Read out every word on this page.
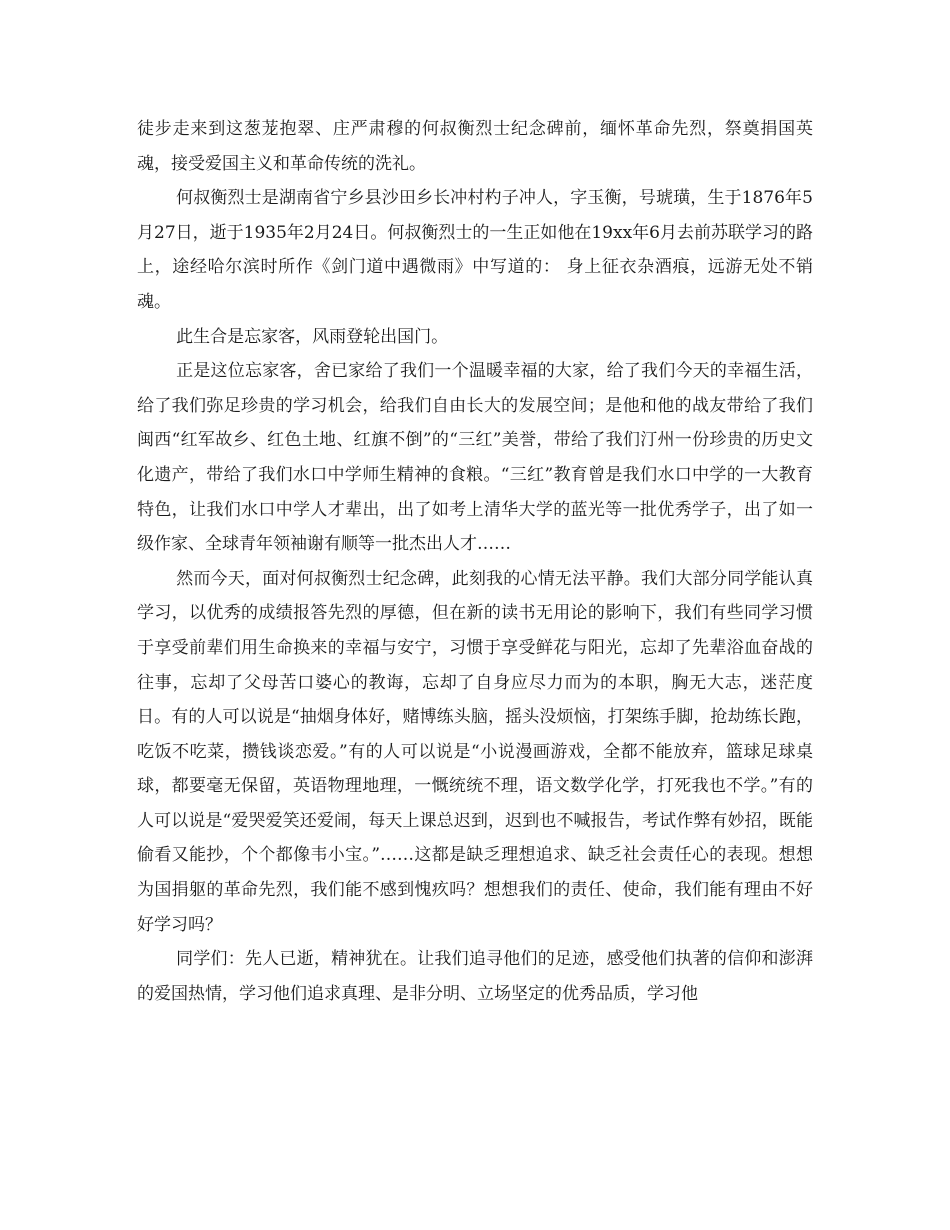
徒步走来到这葱茏抱翠、庄严肃穆的何叔衡烈士纪念碑前，缅怀革命先烈，祭奠捐国英魂，接受爱国主义和革命传统的洗礼。

何叔衡烈士是湖南省宁乡县沙田乡长冲村杓子冲人，字玉衡，号琥璜，生于1876年5月27日，逝于1935年2月24日。何叔衡烈士的一生正如他在19xx年6月去前苏联学习的路上，途经哈尔滨时所作《剑门道中遇微雨》中写道的： 身上征衣杂酒痕，远游无处不销魂。

此生合是忘家客，风雨登轮出国门。

正是这位忘家客，舍已家给了我们一个温暖幸福的大家，给了我们今天的幸福生活，给了我们弥足珍贵的学习机会，给我们自由长大的发展空间；是他和他的战友带给了我们闽西“红军故乡、红色土地、红旗不倒”的“三红”美誉，带给了我们汀州一份珍贵的历史文化遗产，带给了我们水口中学师生精神的食粮。“三红”教育曾是我们水口中学的一大教育特色，让我们水口中学人才辈出，出了如考上清华大学的蓝光等一批优秀学子，出了如一级作家、全球青年领袖谢有顺等一批杰出人才……

然而今天，面对何叔衡烈士纪念碑，此刻我的心情无法平静。我们大部分同学能认真学习，以优秀的成绩报答先烈的厚德，但在新的读书无用论的影响下，我们有些同学习惯于享受前辈们用生命换来的幸福与安宁，习惯于享受鲜花与阳光，忘却了先辈浴血奋战的往事，忘却了父母苦口婆心的教诲，忘却了自身应尽力而为的本职，胸无大志，迷茫度日。有的人可以说是“抽烟身体好，赌博练头脑，摇头没烦恼，打架练手脚，抢劫练长跑，吃饭不吃菜，攒钱谈恋爱。”有的人可以说是“小说漫画游戏，全都不能放弃，篮球足球桌球，都要毫无保留，英语物理地理，一慨统统不理，语文数学化学，打死我也不学。”有的人可以说是“爱哭爱笑还爱闹，每天上课总迟到，迟到也不喊报告，考试作弊有妙招，既能偷看又能抄，个个都像韦小宝。”……这都是缺乏理想追求、缺乏社会责任心的表现。想想为国捐躯的革命先烈，我们能不感到愧疚吗？想想我们的责任、使命，我们能有理由不好好学习吗？

同学们：先人已逝，精神犹在。让我们追寻他们的足迹，感受他们执著的信仰和澎湃的爱国热情，学习他们追求真理、是非分明、立场坚定的优秀品质，学习他
